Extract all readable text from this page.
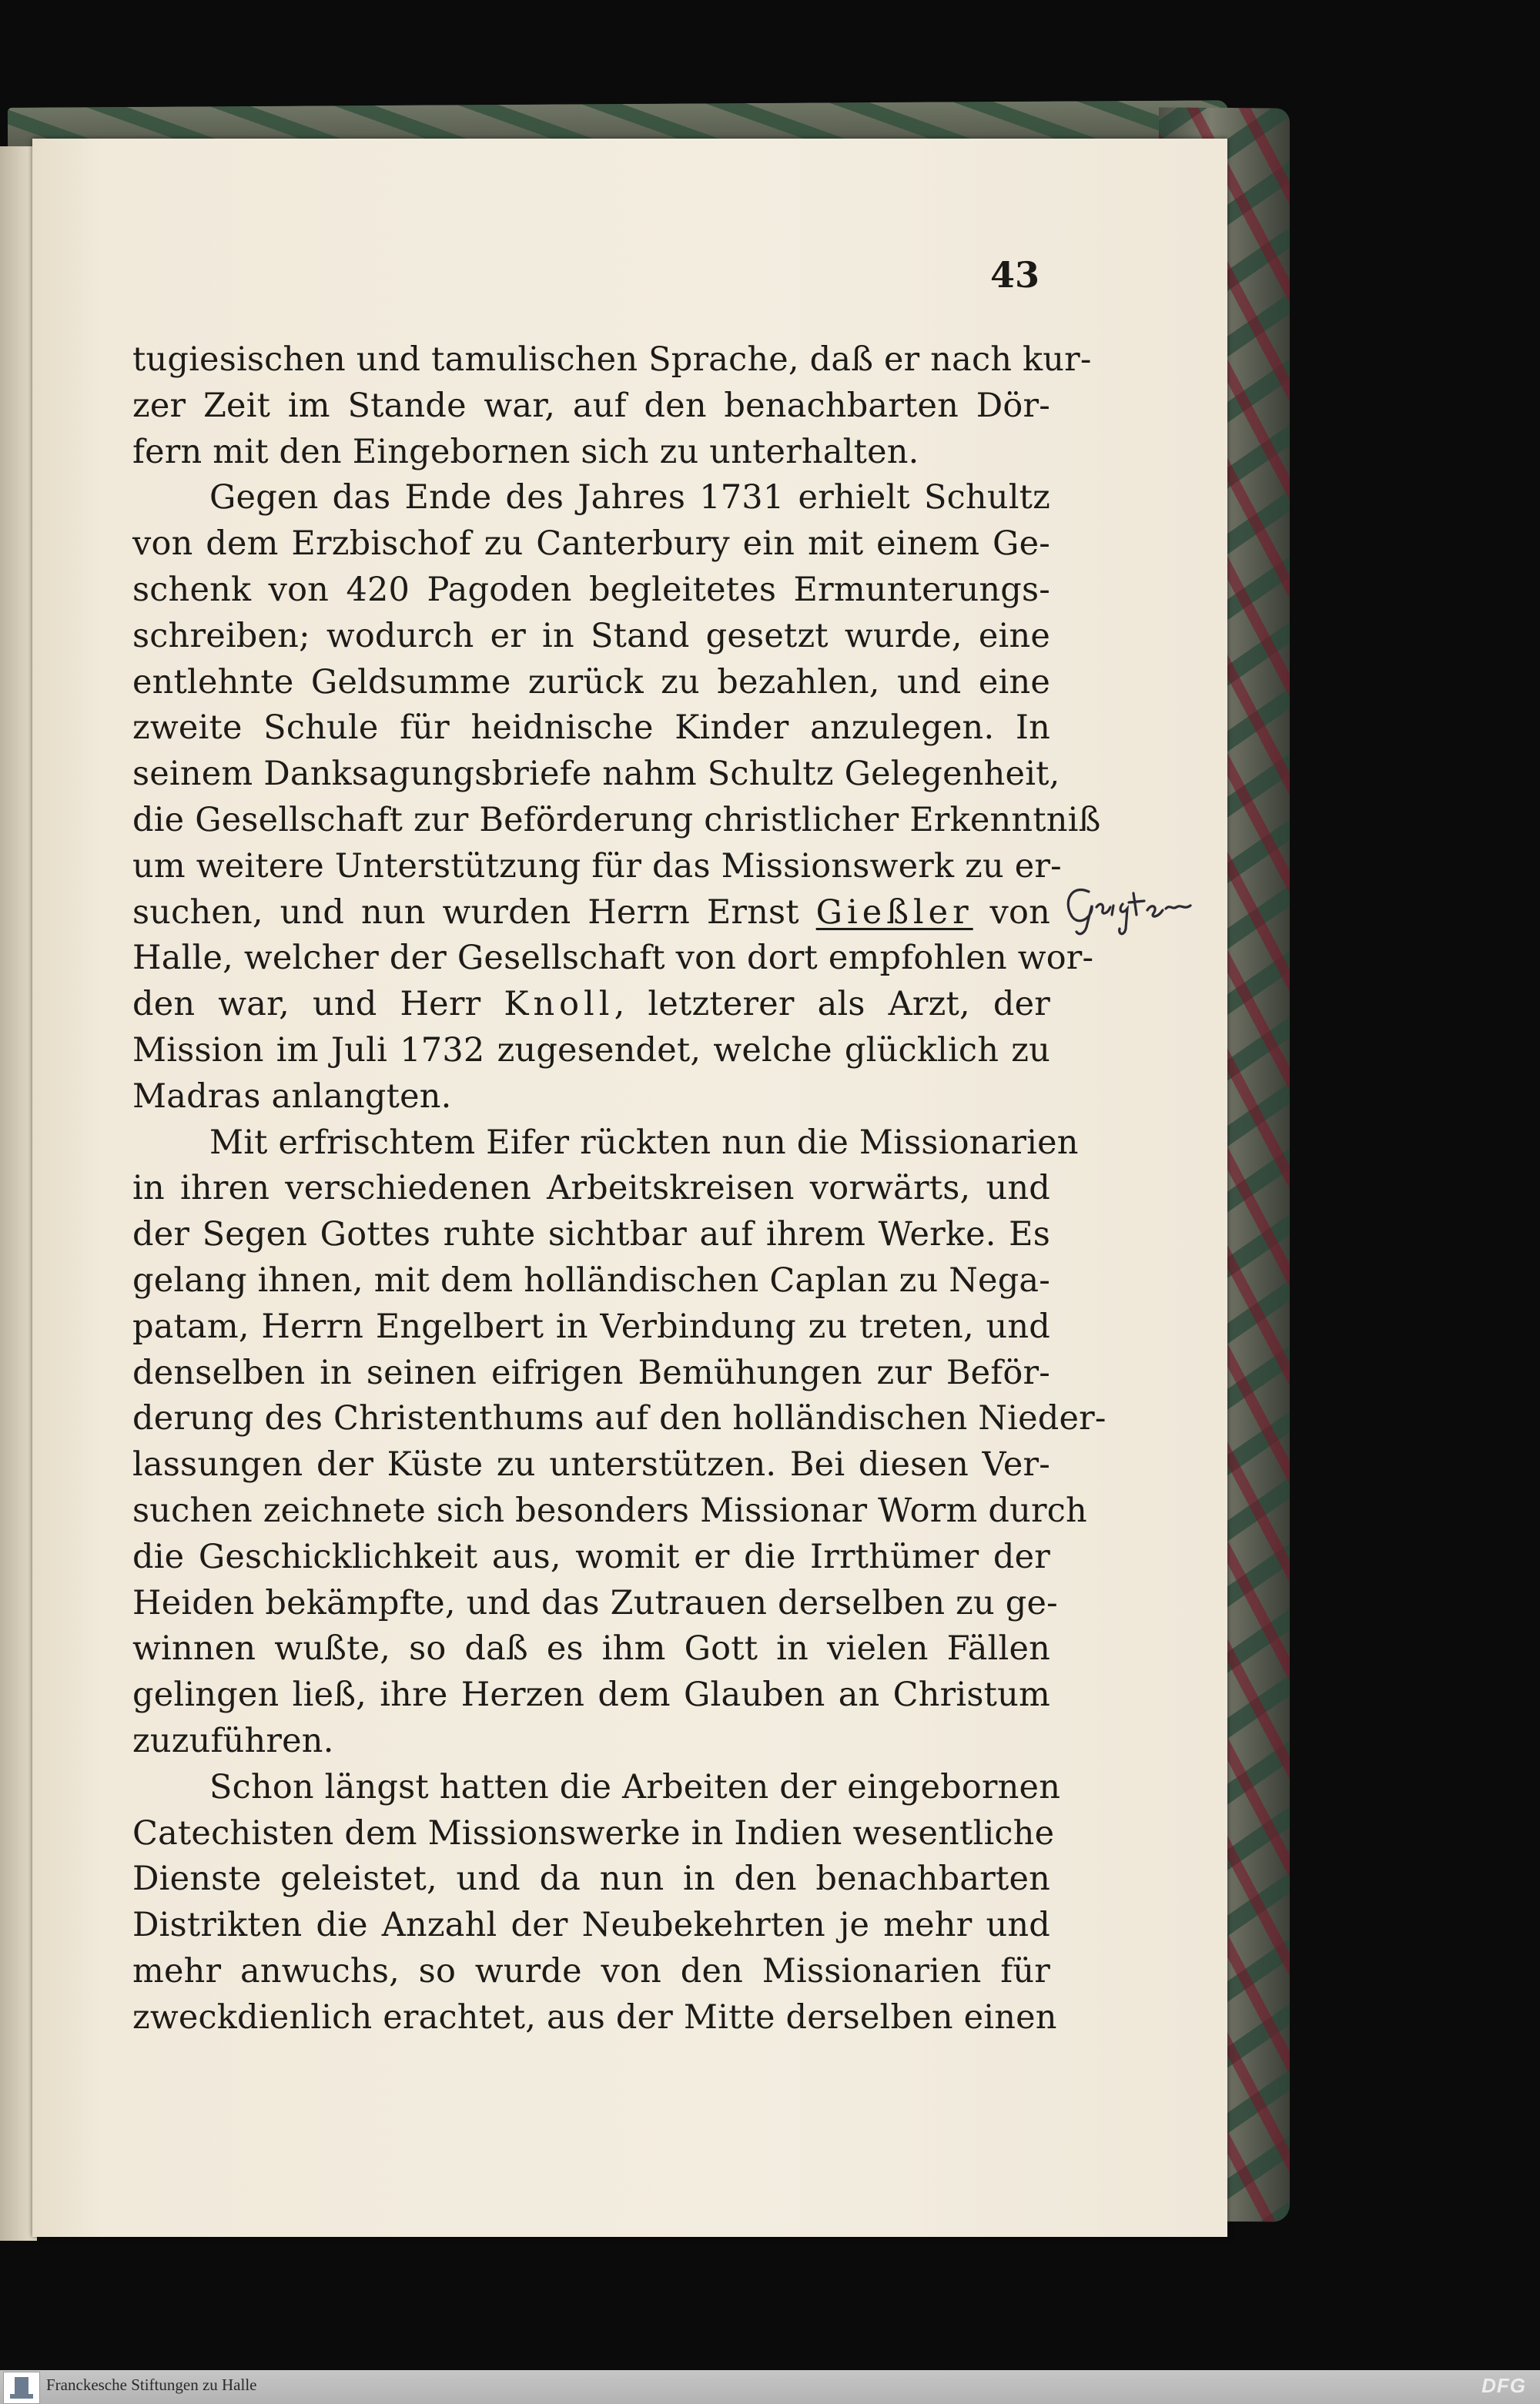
43
tugiesischen und tamulischen Sprache, daß er nach kur-
zer Zeit im Stande war, auf den benachbarten Dör-
fern mit den Eingebornen sich zu unterhalten.
Gegen das Ende des Jahres 1731 erhielt Schultz
von dem Erzbischof zu Canterbury ein mit einem Ge-
schenk von 420 Pagoden begleitetes Ermunterungs-
schreiben; wodurch er in Stand gesetzt wurde, eine
entlehnte Geldsumme zurück zu bezahlen, und eine
zweite Schule für heidnische Kinder anzulegen. In
seinem Danksagungsbriefe nahm Schultz Gelegenheit,
die Gesellschaft zur Beförderung christlicher Erkenntniß
um weitere Unterstützung für das Missionswerk zu er-
suchen, und nun wurden Herrn Ernst Gießler von
Halle, welcher der Gesellschaft von dort empfohlen wor-
den war, und Herr Knoll, letzterer als Arzt, der
Mission im Juli 1732 zugesendet, welche glücklich zu
Madras anlangten.
Mit erfrischtem Eifer rückten nun die Missionarien
in ihren verschiedenen Arbeitskreisen vorwärts, und
der Segen Gottes ruhte sichtbar auf ihrem Werke. Es
gelang ihnen, mit dem holländischen Caplan zu Nega-
patam, Herrn Engelbert in Verbindung zu treten, und
denselben in seinen eifrigen Bemühungen zur Beför-
derung des Christenthums auf den holländischen Nieder-
lassungen der Küste zu unterstützen. Bei diesen Ver-
suchen zeichnete sich besonders Missionar Worm durch
die Geschicklichkeit aus, womit er die Irrthümer der
Heiden bekämpfte, und das Zutrauen derselben zu ge-
winnen wußte, so daß es ihm Gott in vielen Fällen
gelingen ließ, ihre Herzen dem Glauben an Christum
zuzuführen.
Schon längst hatten die Arbeiten der eingebornen
Catechisten dem Missionswerke in Indien wesentliche
Dienste geleistet, und da nun in den benachbarten
Distrikten die Anzahl der Neubekehrten je mehr und
mehr anwuchs, so wurde von den Missionarien für
zweckdienlich erachtet, aus der Mitte derselben einen
Franckesche Stiftungen zu Halle	DFG
